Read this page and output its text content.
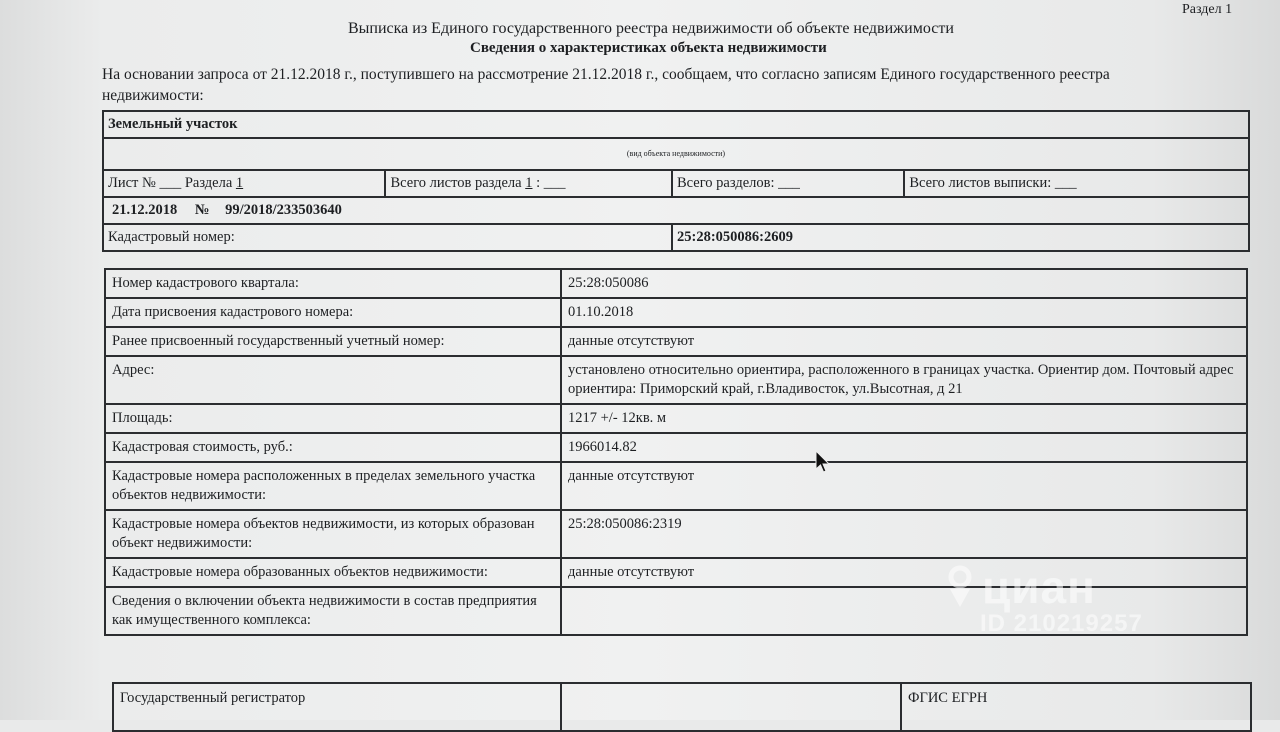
Раздел 1
Выписка из Единого государственного реестра недвижимости об объекте недвижимости
Сведения о характеристиках объекта недвижимости
На основании запроса от 21.12.2018 г., поступившего на рассмотрение 21.12.2018 г., сообщаем, что согласно записям Единого государственного реестра
недвижимости:
Земельный участок			
(вид объекта недвижимости)			
Лист № ___ Раздела 1	Всего листов раздела 1 : ___	Всего разделов: ___	Всего листов выписки: ___
21.12.2018 № 99/2018/233503640			
Кадастровый номер:		25:28:050086:2609	
Номер кадастрового квартала:	25:28:050086
Дата присвоения кадастрового номера:	01.10.2018
Ранее присвоенный государственный учетный номер:	данные отсутствуют
Адрес:	установлено относительно ориентира, расположенного в границах участка. Ориентир дом. Почтовый адрес ориентира: Приморский край, г.Владивосток, ул.Высотная, д 21
Площадь:	1217 +/- 12кв. м
Кадастровая стоимость, руб.:	1966014.82
Кадастровые номера расположенных в пределах земельного участка объектов недвижимости:	данные отсутствуют
Кадастровые номера объектов недвижимости, из которых образован объект недвижимости:	25:28:050086:2319
Кадастровые номера образованных объектов недвижимости:	данные отсутствуют
Сведения о включении объекта недвижимости в состав предприятия как имущественного комплекса:	
Государственный регистратор		ФГИС ЕГРН
циан
ID 210219257
